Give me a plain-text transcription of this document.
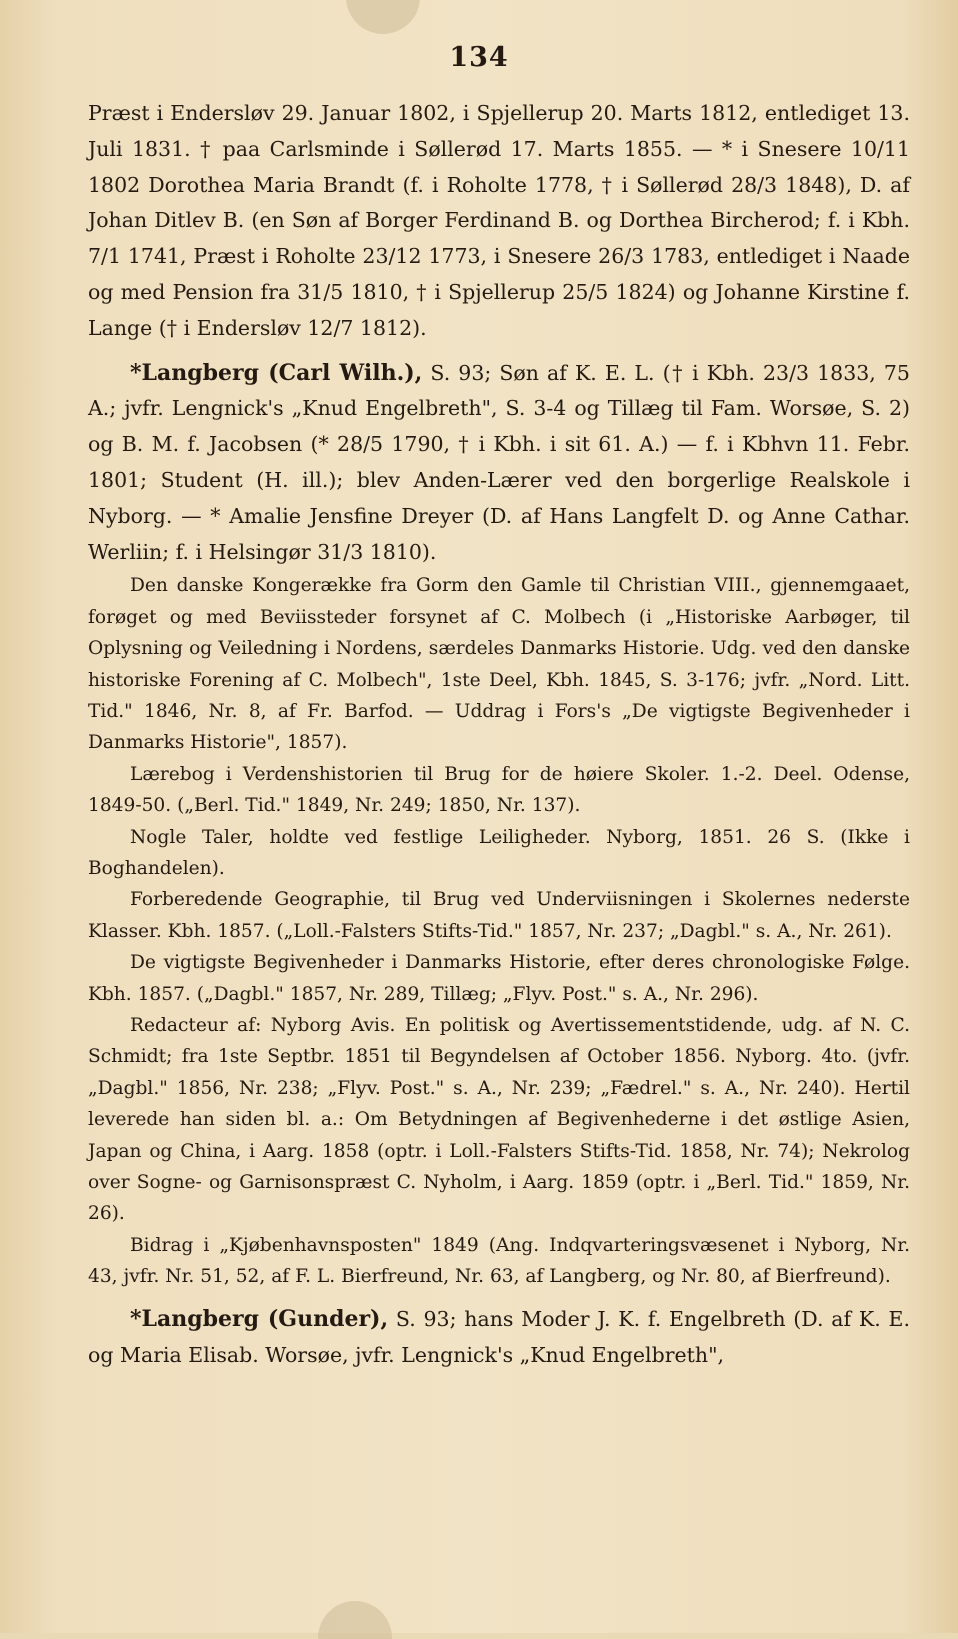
134

Præst i Endersløv 29. Januar 1802, i Spjellerup 20. Marts 1812, entlediget 13. Juli 1831. † paa Carlsminde i Søllerød 17. Marts 1855. — * i Snesere 10/11 1802 Dorothea Maria Brandt (f. i Roholte 1778, † i Søllerød 28/3 1848), D. af Johan Ditlev B. (en Søn af Borger Ferdinand B. og Dorthea Bircherod; f. i Kbh. 7/1 1741, Præst i Roholte 23/12 1773, i Snesere 26/3 1783, entlediget i Naade og med Pension fra 31/5 1810, † i Spjellerup 25/5 1824) og Johanne Kirstine f. Lange († i Endersløv 12/7 1812).

*Langberg (Carl Wilh.), S. 93; Søn af K. E. L. († i Kbh. 23/3 1833, 75 A.; jvfr. Lengnick's „Knud Engelbreth", S. 3-4 og Tillæg til Fam. Worsøe, S. 2) og B. M. f. Jacobsen (* 28/5 1790, † i Kbh. i sit 61. A.) — f. i Kbhvn 11. Febr. 1801; Student (H. ill.); blev Anden-Lærer ved den borgerlige Realskole i Nyborg. — * Amalie Jensfine Dreyer (D. af Hans Langfelt D. og Anne Cathar. Werliin; f. i Helsingør 31/3 1810).

Den danske Kongerække fra Gorm den Gamle til Christian VIII., gjennemgaaet, forøget og med Beviisstеder forsynet af C. Molbech (i „Historiske Aarbøger, til Oplysning og Veiledning i Nordens, særdeles Danmarks Historie. Udg. ved den danske historiske Forening af C. Molbech", 1ste Deel, Kbh. 1845, S. 3-176; jvfr. „Nord. Litt. Tid." 1846, Nr. 8, af Fr. Barfod. — Uddrag i Fors's „De vigtigste Begivenheder i Danmarks Historie", 1857).

Lærebog i Verdenshistorien til Brug for de høiere Skoler. 1.-2. Deel. Odense, 1849-50. („Berl. Tid." 1849, Nr. 249; 1850, Nr. 137).

Nogle Taler, holdte ved festlige Leiligheder. Nyborg, 1851. 26 S. (Ikke i Boghandelen).

Forberedende Geographie, til Brug ved Underviisningen i Skolernes nederste Klasser. Kbh. 1857. („Loll.-Falsters Stifts-Tid." 1857, Nr. 237; „Dagbl." s. A., Nr. 261).

De vigtigste Begivenheder i Danmarks Historie, efter deres chronologiske Følge. Kbh. 1857. („Dagbl." 1857, Nr. 289, Tillæg; „Flyv. Post." s. A., Nr. 296).

Redacteur af: Nyborg Avis. En politisk og Avertissementstidende, udg. af N. C. Schmidt; fra 1ste Septbr. 1851 til Begyndelsen af October 1856. Nyborg. 4to. (jvfr. „Dagbl." 1856, Nr. 238; „Flyv. Post." s. A., Nr. 239; „Fædrel." s. A., Nr. 240). Hertil leverede han siden bl. a.: Om Betydningen af Begivenhederne i det østlige Asien, Japan og China, i Aarg. 1858 (optr. i Loll.-Falsters Stifts-Tid. 1858, Nr. 74); Nekrolog over Sogne- og Garnisonspræst C. Nyholm, i Aarg. 1859 (optr. i „Berl. Tid." 1859, Nr. 26).

Bidrag i „Kjøbenhavnsposten" 1849 (Ang. Indqvarteringsvæsenet i Nyborg, Nr. 43, jvfr. Nr. 51, 52, af F. L. Bierfreund, Nr. 63, af Langberg, og Nr. 80, af Bierfreund).

*Langberg (Gunder), S. 93; hans Moder J. K. f. Engelbreth (D. af K. E. og Maria Elisab. Worsøe, jvfr. Lengnick's „Knud Engelbreth",
